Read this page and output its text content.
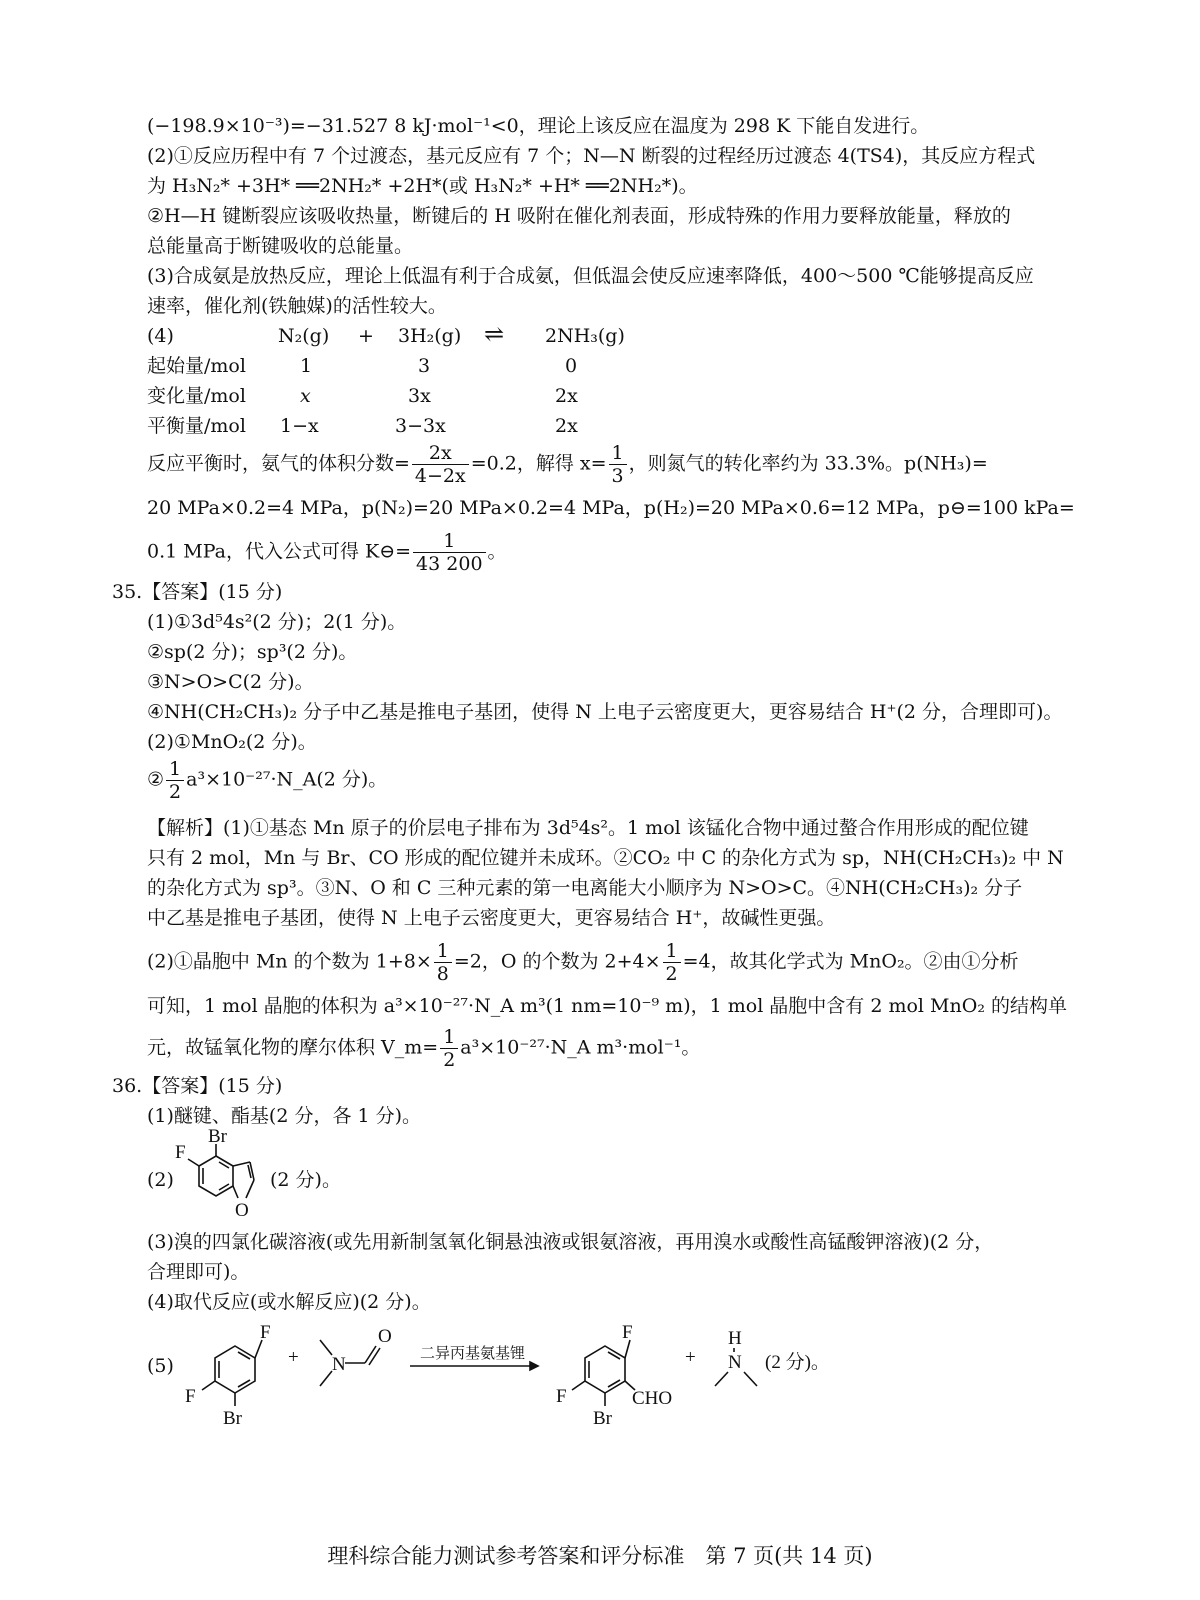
(−198.9×10⁻³)=−31.527 8 kJ·mol⁻¹<0，理论上该反应在温度为 298 K 下能自发进行。
(2)①反应历程中有 7 个过渡态，基元反应有 7 个；N—N 断裂的过程经历过渡态 4(TS4)，其反应方程式
为 H₃N₂* +3H* ══2NH₂* +2H*(或 H₃N₂* +H* ══2NH₂*)。
②H—H 键断裂应该吸收热量，断键后的 H 吸附在催化剂表面，形成特殊的作用力要释放能量，释放的
总能量高于断键吸收的总能量。
(3)合成氨是放热反应，理论上低温有利于合成氨，但低温会使反应速率降低，400～500 ℃能够提高反应
速率，催化剂(铁触媒)的活性较大。
(4)	N₂(g) + 3H₂(g) ⇌ 2NH₃(g)
起始量/mol	1	3	0
变化量/mol	x	3x	2x
平衡量/mol 1−x	3−3x	2x
反应平衡时，氨气的体积分数= $\frac{2x}{4-2x} =0.2$，解得 $x= \frac{1}{3}$ ，则氮气的转化率约为 33.3%。p(NH₃)=
20 MPa×0.2=4 MPa，p(N₂)=20 MPa×0.2=4 MPa，p(H₂)=20 MPa×0.6=12 MPa，p⊖=100 kPa=
0.1 MPa，代入公式可得 K⊖= $\frac{1}{43 200}$ 。
35.【答案】(15 分)
(1)①3d⁵4s²(2 分)；2(1 分)。
②sp(2 分)；sp³(2 分)。
③N>O>C(2 分)。
④NH(CH₂CH₃)₂ 分子中乙基是推电子基团，使得 N 上电子云密度更大，更容易结合 H⁺(2 分，合理即可)。
(2)①MnO₂(2 分)。
② $\frac{1}{2}$ a³×10⁻²⁷·N_A(2 分)。
【解析】(1)①基态 Mn 原子的价层电子排布为 3d⁵4s²。1 mol 该锰化合物中通过螯合作用形成的配位键
只有 2 mol，Mn 与 Br、CO 形成的配位键并未成环。②CO₂ 中 C 的杂化方式为 sp，NH(CH₂CH₃)₂ 中 N
的杂化方式为 sp³。③N、O 和 C 三种元素的第一电离能大小顺序为 N>O>C。④NH(CH₂CH₃)₂ 分子
中乙基是推电子基团，使得 N 上电子云密度更大，更容易结合 H⁺，故碱性更强。
(2)①晶胞中 Mn 的个数为 $1+8\times \frac{1}{8} =2$，O 的个数为 $2+4\times \frac{1}{2} =4$，故其化学式为 MnO₂。②由①分析
可知，1 mol 晶胞的体积为 a³×10⁻²⁷·N_A m³(1 nm=10⁻⁹ m)，1 mol 晶胞中含有 2 mol MnO₂ 的结构单
元，故锰氧化物的摩尔体积 V_m= $\frac{1}{2}$ a³×10⁻²⁷·N_A m³·mol⁻¹。
36.【答案】(15 分)
(1)醚键、酯基(2 分，各 1 分)。
(2)
Br
F
O
(2 分)。
(3)溴的四氯化碳溶液(或先用新制氢氧化铜悬浊液或银氨溶液，再用溴水或酸性高锰酸钾溶液)(2 分，
合理即可)。
(4)取代反应(或水解反应)(2 分)。
(5)
F
F
Br
+ N
O
二异丙基氨基锂
F
F
Br
CHO
+
H
N (2 分)。
理科综合能力测试参考答案和评分标准　第 7 页(共 14 页)
